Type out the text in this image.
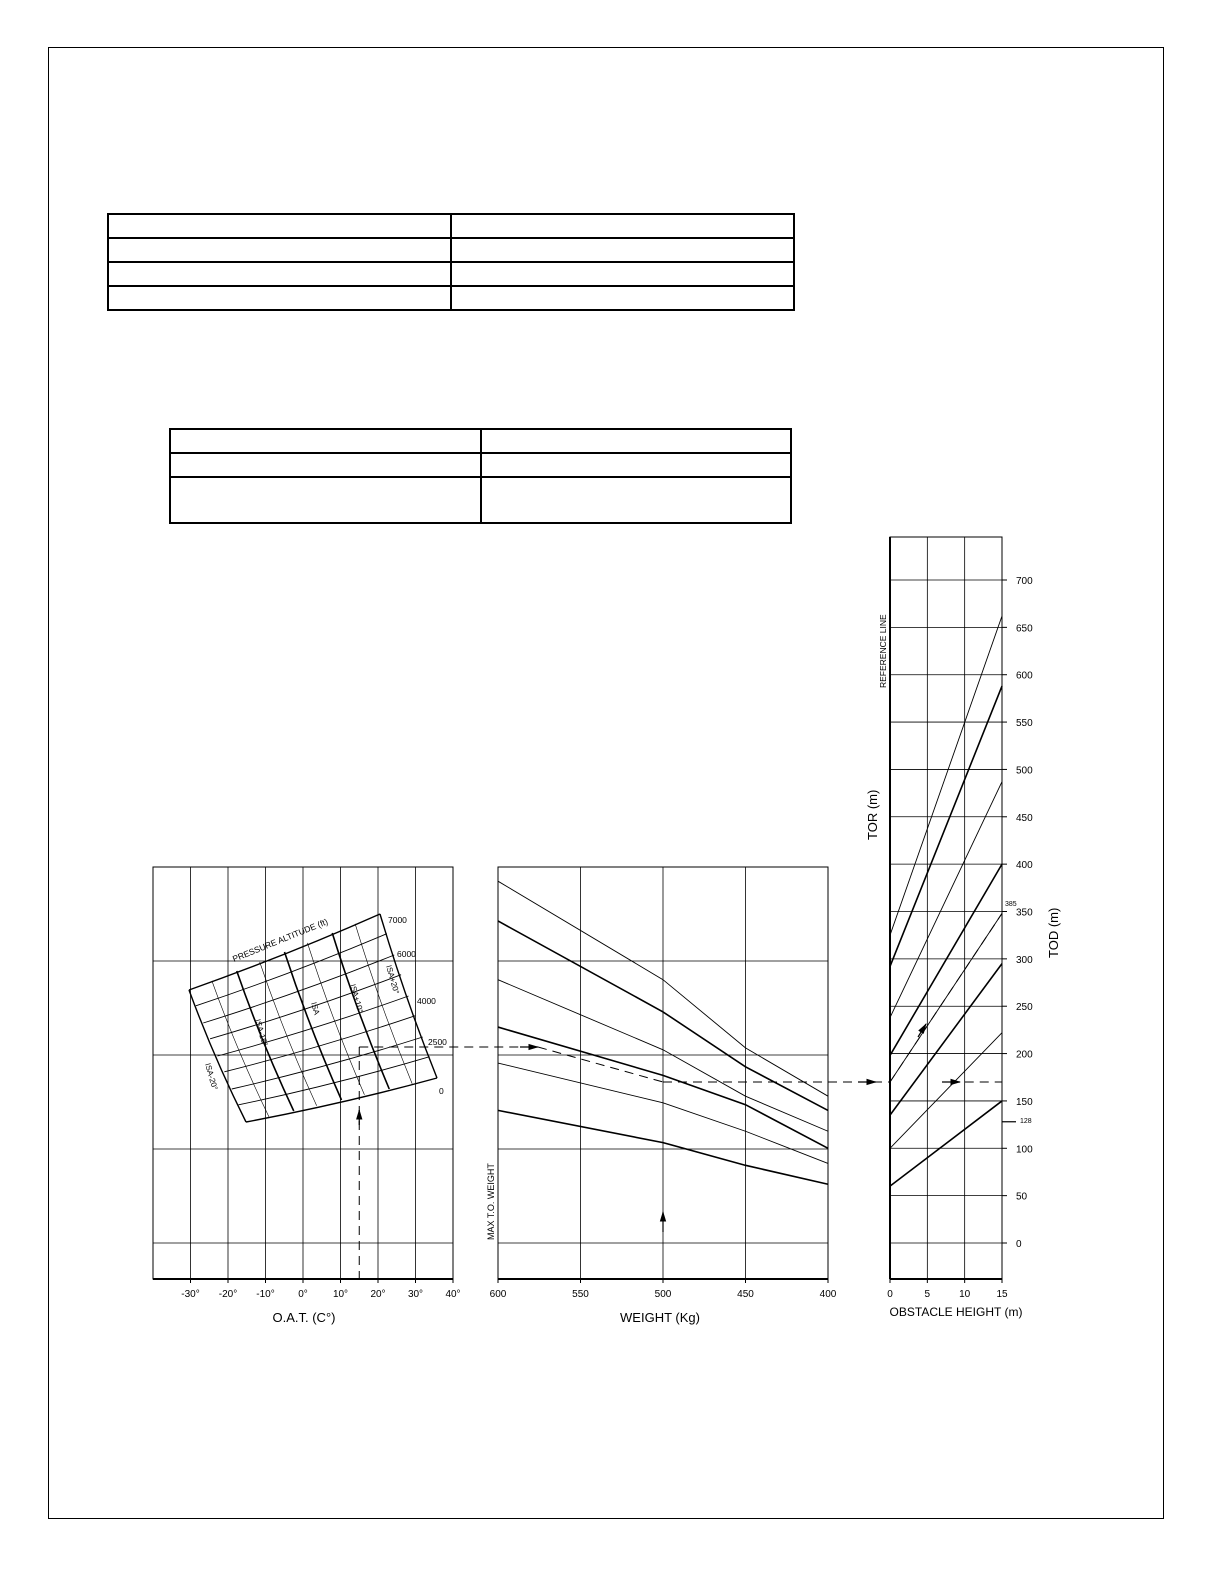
-30° -20° -10° 0°	10° 20° 30° 40°
PRESSURE ALTITUDE (ft)	7000
6000
4000
2500
0
ISA-20°
ISA-15°
ISA	ISA+10°
ISA+20°
O.A.T. (C°)
600	550	500	450	400
WEIGHT (Kg)
MAX T.O. WEIGHT
0	5	10	15
0
50
100
150
200
250
300
350
400
450
500
550
600
650
700
OBSTACLE HEIGHT (m)
TOR (m)
TOD (m)
REFERENCE LINE
385
128
